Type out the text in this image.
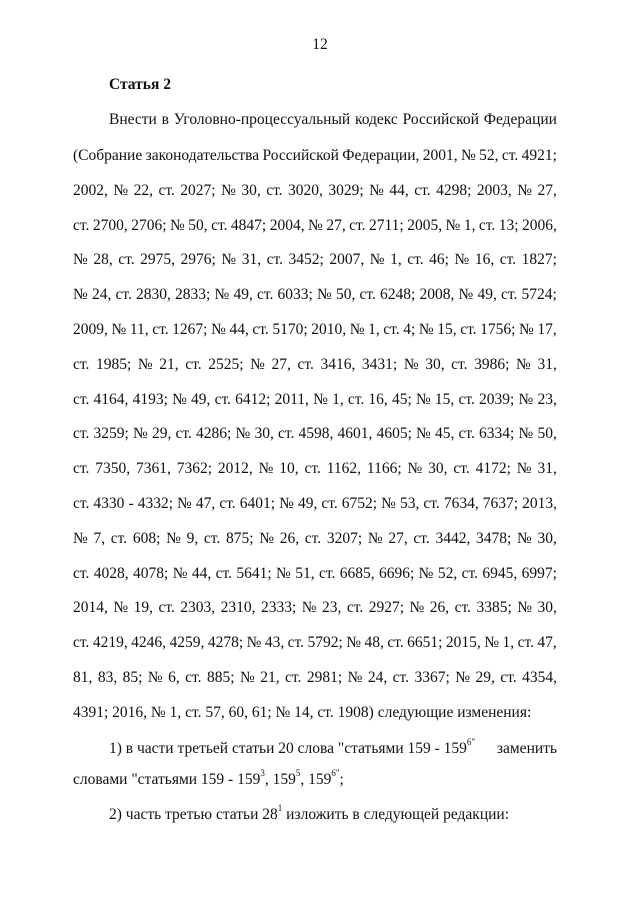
12
Статья 2
Внести в Уголовно-процессуальный кодекс Российской Федерации
(Собрание законодательства Российской Федерации, 2001, № 52, ст. 4921;
2002, № 22, ст. 2027; № 30, ст. 3020, 3029; № 44, ст. 4298; 2003, № 27,
ст. 2700, 2706; № 50, ст. 4847; 2004, № 27, ст. 2711; 2005, № 1, ст. 13; 2006,
№ 28, ст. 2975, 2976; № 31, ст. 3452; 2007, № 1, ст. 46; № 16, ст. 1827;
№ 24, ст. 2830, 2833; № 49, ст. 6033; № 50, ст. 6248; 2008, № 49, ст. 5724;
2009, № 11, ст. 1267; № 44, ст. 5170; 2010, № 1, ст. 4; № 15, ст. 1756; № 17,
ст. 1985; № 21, ст. 2525; № 27, ст. 3416, 3431; № 30, ст. 3986; № 31,
ст. 4164, 4193; № 49, ст. 6412; 2011, № 1, ст. 16, 45; № 15, ст. 2039; № 23,
ст. 3259; № 29, ст. 4286; № 30, ст. 4598, 4601, 4605; № 45, ст. 6334; № 50,
ст. 7350, 7361, 7362; 2012, № 10, ст. 1162, 1166; № 30, ст. 4172; № 31,
ст. 4330 - 4332; № 47, ст. 6401; № 49, ст. 6752; № 53, ст. 7634, 7637; 2013,
№ 7, ст. 608; № 9, ст. 875; № 26, ст. 3207; № 27, ст. 3442, 3478; № 30,
ст. 4028, 4078; № 44, ст. 5641; № 51, ст. 6685, 6696; № 52, ст. 6945, 6997;
2014, № 19, ст. 2303, 2310, 2333; № 23, ст. 2927; № 26, ст. 3385; № 30,
ст. 4219, 4246, 4259, 4278; № 43, ст. 5792; № 48, ст. 6651; 2015, № 1, ст. 47,
81, 83, 85; № 6, ст. 885; № 21, ст. 2981; № 24, ст. 3367; № 29, ст. 4354,
4391; 2016, № 1, ст. 57, 60, 61; № 14, ст. 1908) следующие изменения:
1) в части третьей статьи 20 слова "статьями $159 - 159^{6"}$ заменить
словами "статьями $159 - 159^3$, $159^5$, $159^{6"}$;
2) часть третью статьи $28^1$ изложить в следующей редакции:
